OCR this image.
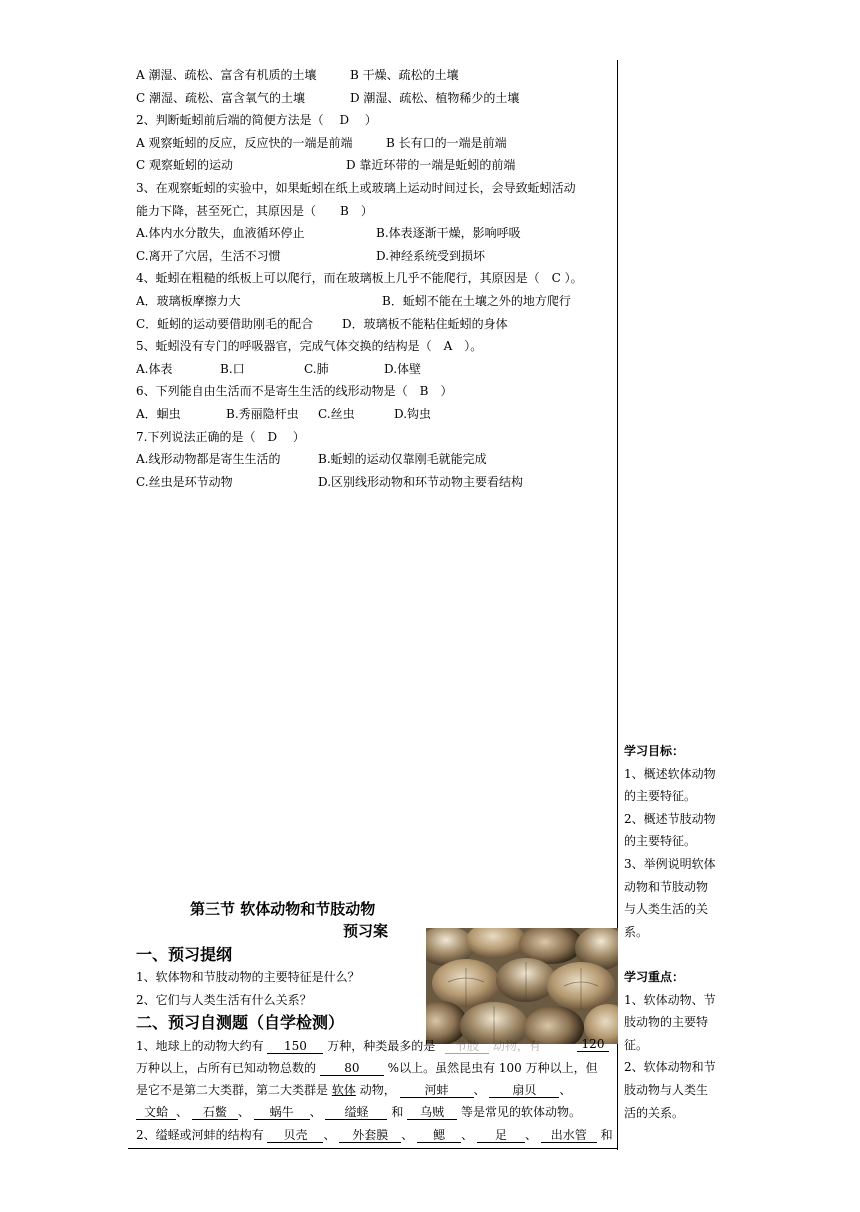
A 潮湿、疏松、富含有机质的土壤	B 干燥、疏松的土壤
C 潮湿、疏松、富含氧气的土壤	D 潮湿、疏松、植物稀少的土壤
2、判断蚯蚓前后端的简便方法是（　 D　 ）
A 观察蚯蚓的反应，反应快的一端是前端	B 长有口的一端是前端
C 观察蚯蚓的运动	D 靠近环带的一端是蚯蚓的前端
3、在观察蚯蚓的实验中，如果蚯蚓在纸上或玻璃上运动时间过长，会导致蚯蚓活动
能力下降，甚至死亡，其原因是（　　B　）
A.体内水分散失，血液循环停止	B.体表逐渐干燥，影响呼吸
C.离开了穴居，生活不习惯	D.神经系统受到损坏
4、蚯蚓在粗糙的纸板上可以爬行，而在玻璃板上几乎不能爬行，其原因是（　C ）。
A．玻璃板摩擦力大	B．蚯蚓不能在土壤之外的地方爬行
C．蚯蚓的运动要借助刚毛的配合	D．玻璃板不能粘住蚯蚓的身体
5、蚯蚓没有专门的呼吸器官，完成气体交换的结构是（　A　）。
A.体表	B.口	C.肺	D.体壁
6、下列能自由生活而不是寄生生活的线形动物是（　B　）
A．蛔虫	B.秀丽隐杆虫	C.丝虫	D.钩虫
7.下列说法正确的是（　D　 ）
A.线形动物都是寄生生活的	B.蚯蚓的运动仅靠刚毛就能完成
C.丝虫是环节动物	D.区别线形动物和环节动物主要看结构
学习目标：
1、概述软体动物
的主要特征。
2、概述节肢动物
的主要特征。
3、举例说明软体
动物和节肢动物
与人类生活的关
系。
学习重点：
1、软体动物、节
肢动物的主要特
征。
2、软体动物和节
肢动物与人类生
活的关系。
第三节 软体动物和节肢动物
预习案
一、预习提纲
1、软体物和节肢动物的主要特征是什么？
2、它们与人类生活有什么关系？
二、预习自测题（自学检测）
1、地球上的动物大约有 150 万种，种类最多的是	节肢 动物，有	120
万种以上，占所有已知动物总数的 80 %以上。虽然昆虫有 100 万种以上，但
是它不是第二大类群，第二大类群是 软体 动物， 河蚌 、 扇贝 、
文蛤 、 石鳖 、 蜗牛 、 缢蛏 和 乌贼 等是常见的软体动物。
2、缢蛏或河蚌的结构有 贝壳 、 外套膜 、 鳃 、 足 、 出水管 和
